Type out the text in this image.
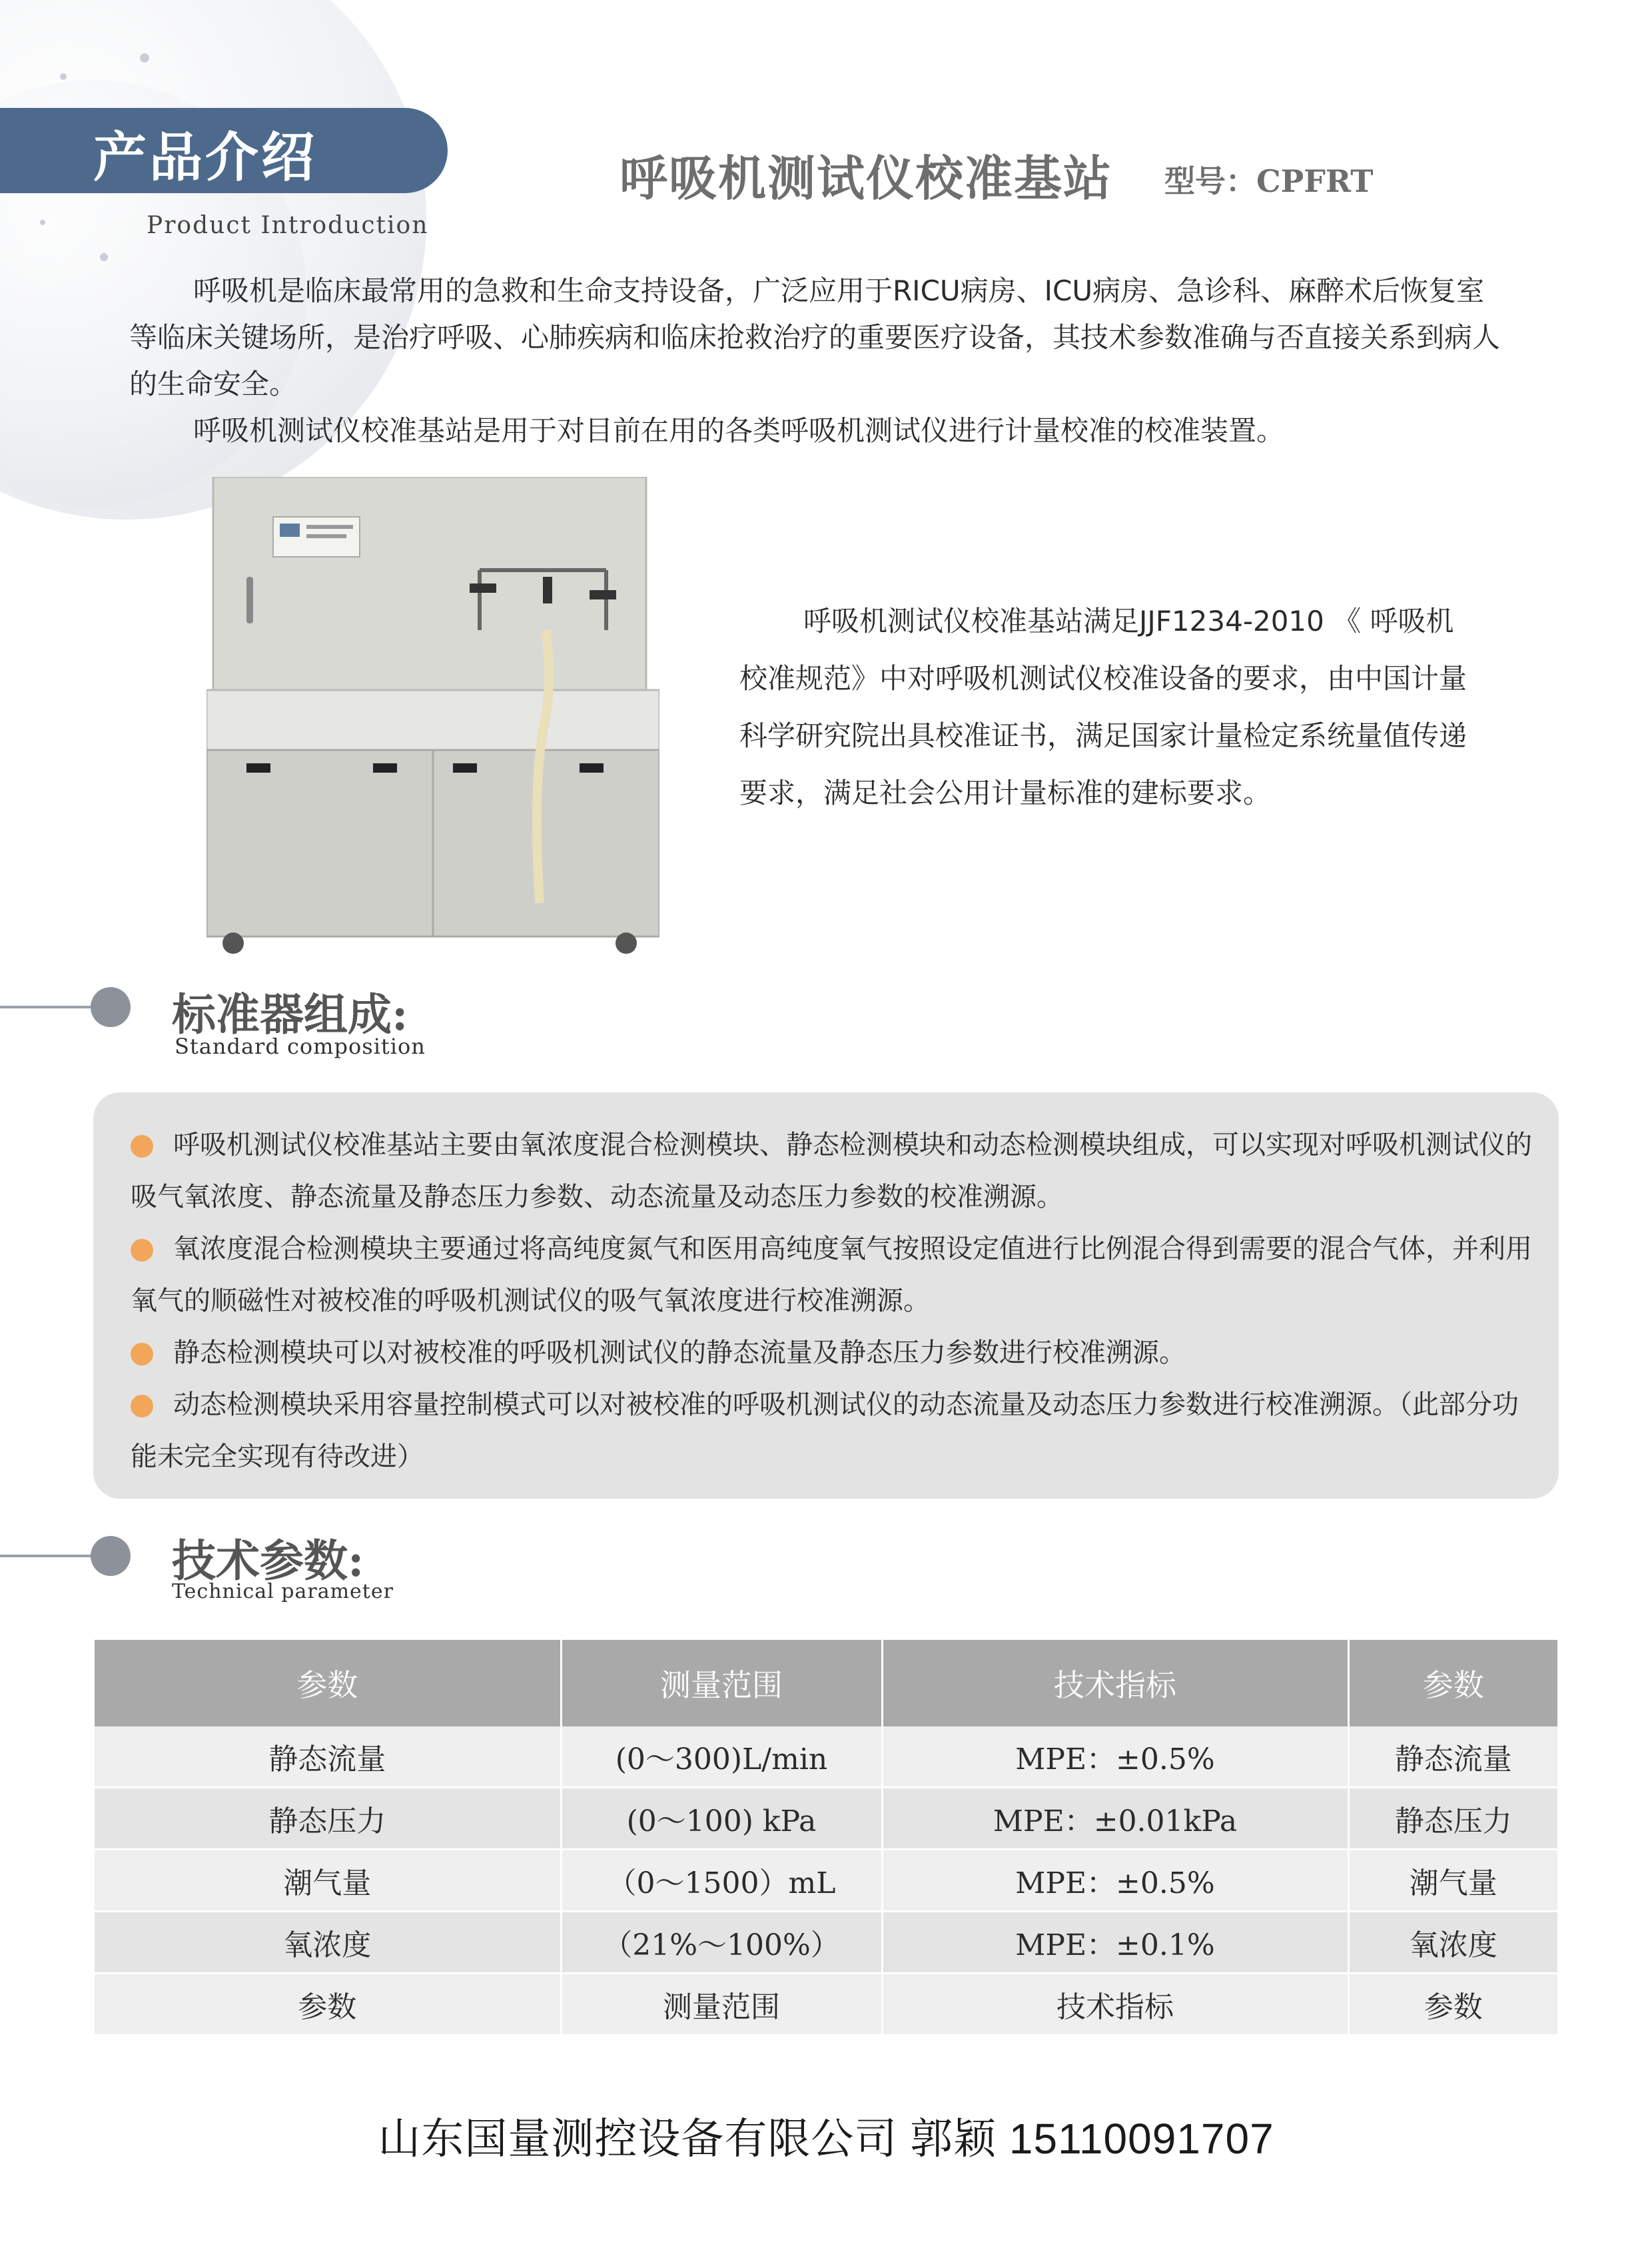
产品介绍
Product Introduction
呼吸机测试仪校准基站 型号：CPFRT

呼吸机是临床最常用的急救和生命支持设备，广泛应用于RICU病房、ICU病房、急诊科、麻醉术后恢复室等临床关键场所，是治疗呼吸、心肺疾病和临床抢救治疗的重要医疗设备，其技术参数准确与否直接关系到病人的生命安全。

呼吸机测试仪校准基站是用于对目前在用的各类呼吸机测试仪进行计量校准的校准装置。

呼吸机测试仪校准基站满足JJF1234-2010 《 呼吸机校准规范》中对呼吸机测试仪校准设备的要求，由中国计量科学研究院出具校准证书，满足国家计量检定系统量值传递要求，满足社会公用计量标准的建标要求。

标准器组成:
Standard composition
呼吸机测试仪校准基站主要由氧浓度混合检测模块、静态检测模块和动态检测模块组成，可以实现对呼吸机测试仪的吸气氧浓度、静态流量及静态压力参数、动态流量及动态压力参数的校准溯源。
氧浓度混合检测模块主要通过将高纯度氮气和医用高纯度氧气按照设定值进行比例混合得到需要的混合气体，并利用氧气的顺磁性对被校准的呼吸机测试仪的吸气氧浓度进行校准溯源。
静态检测模块可以对被校准的呼吸机测试仪的静态流量及静态压力参数进行校准溯源。
动态检测模块采用容量控制模式可以对被校准的呼吸机测试仪的动态流量及动态压力参数进行校准溯源。（此部分功能未完全实现有待改进）
技术参数:
Technical parameter
参数	测量范围	技术指标	参数
静态流量	(0～300)L/min	MPE：±0.5%	静态流量
静态压力	(0～100) kPa	MPE：±0.01kPa	静态压力
潮气量	（0～1500）mL	MPE：±0.5%	潮气量
氧浓度	（21%～100%）	MPE：±0.1%	氧浓度
参数	测量范围	技术指标	参数
山东国量测控设备有限公司 郭颖 15110091707
